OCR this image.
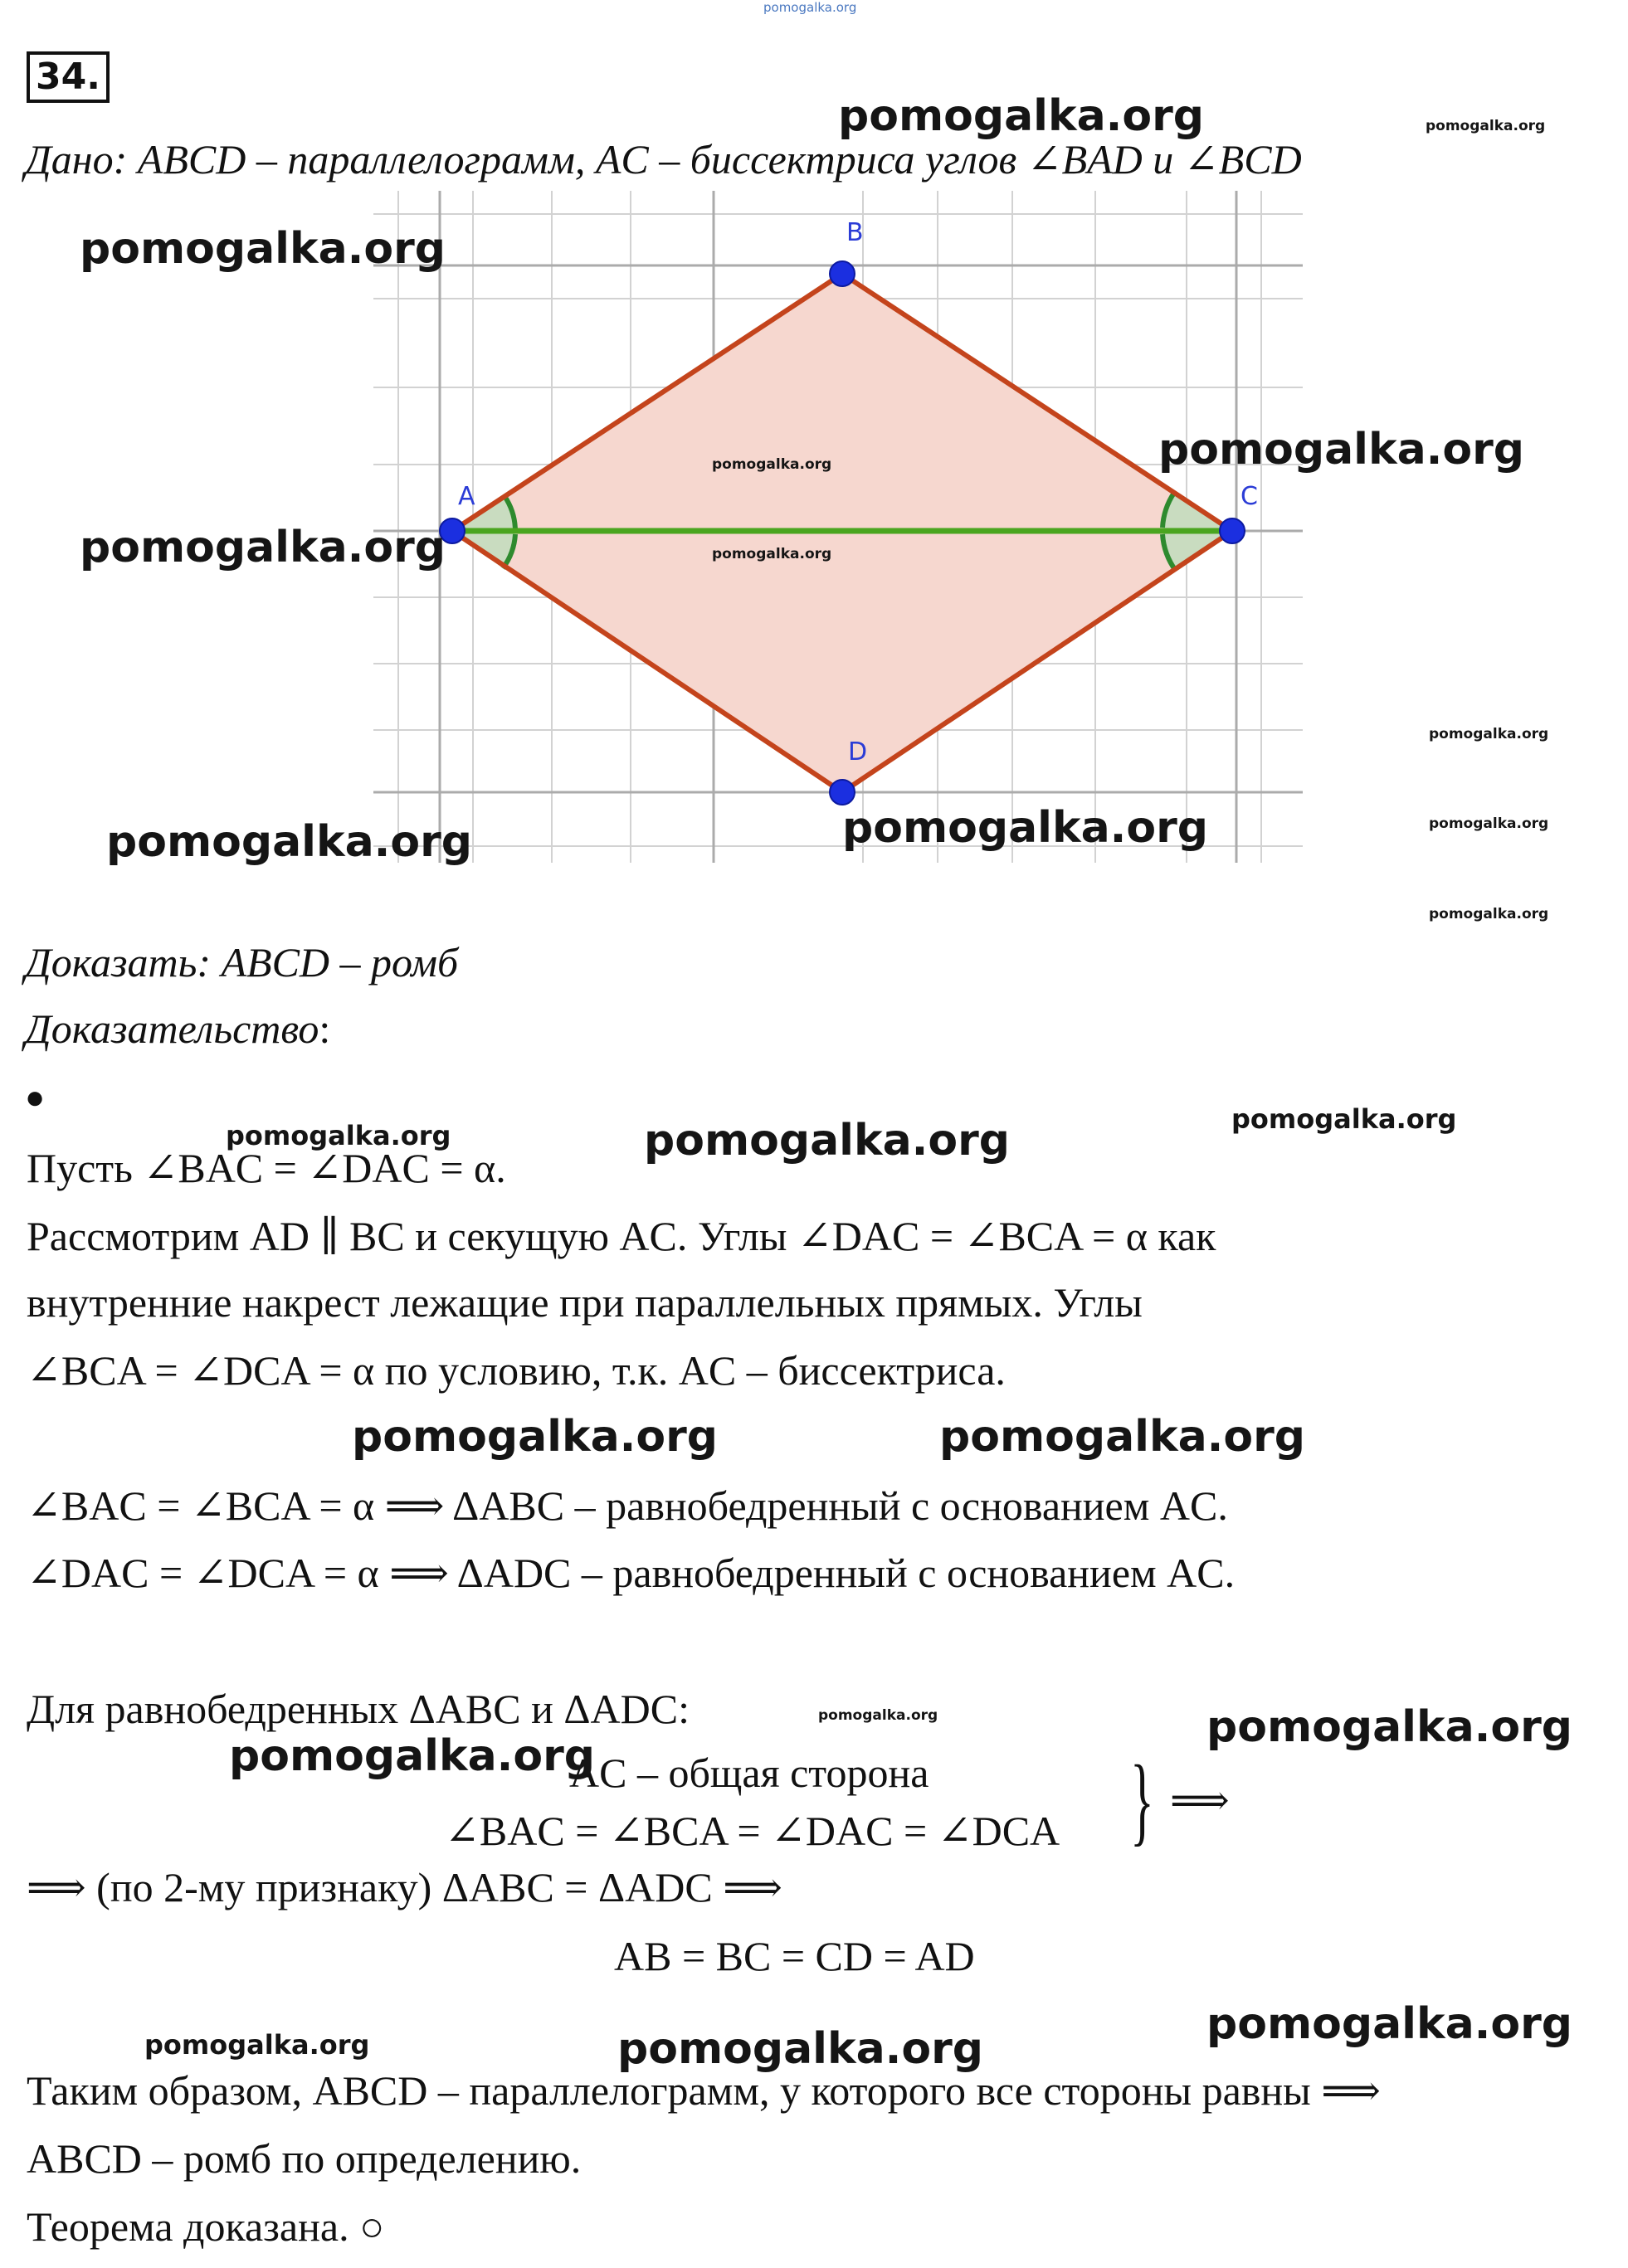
pomogalka.org
34.
Дано: ABCD – параллелограмм, AC – биссектриса углов ∠BAD и ∠BCD
A
B
C
D
Доказать: ABCD – ромб
Доказательство:
●
Пусть ∠BAC = ∠DAC = α.
Рассмотрим AD ∥ BC и секущую AC. Углы ∠DAC = ∠BCA = α как
внутренние накрест лежащие при параллельных прямых. Углы
∠BCA = ∠DCA = α по условию, т.к. AC – биссектриса.
∠BAC = ∠BCA = α ⟹ ΔABC – равнобедренный с основанием AC.
∠DAC = ∠DCA = α ⟹ ΔADC – равнобедренный с основанием AC.
Для равнобедренных ΔABC и ΔADC:
AC – общая сторона
∠BAC = ∠BCA = ∠DAC = ∠DCA } ⟹
⟹ (по 2-му признаку) ΔABC = ΔADC ⟹
AB = BC = CD = AD
Таким образом, ABCD – параллелограмм, у которого все стороны равны ⟹
ABCD – ромб по определению.
Теорема доказана. ○
pomogalka.org	pomogalka.org
pomogalka.org
pomogalka.org
pomogalka.org
pomogalka.org	pomogalka.org
pomogalka.org
pomogalka.org	pomogalka.org
pomogalka.org
pomogalka.org
pomogalka.org	pomogalka.org	pomogalka.org
pomogalka.org	pomogalka.org
pomogalka.org	pomogalka.org
pomogalka.org
pomogalka.org	pomogalka.org
pomogalka.org
